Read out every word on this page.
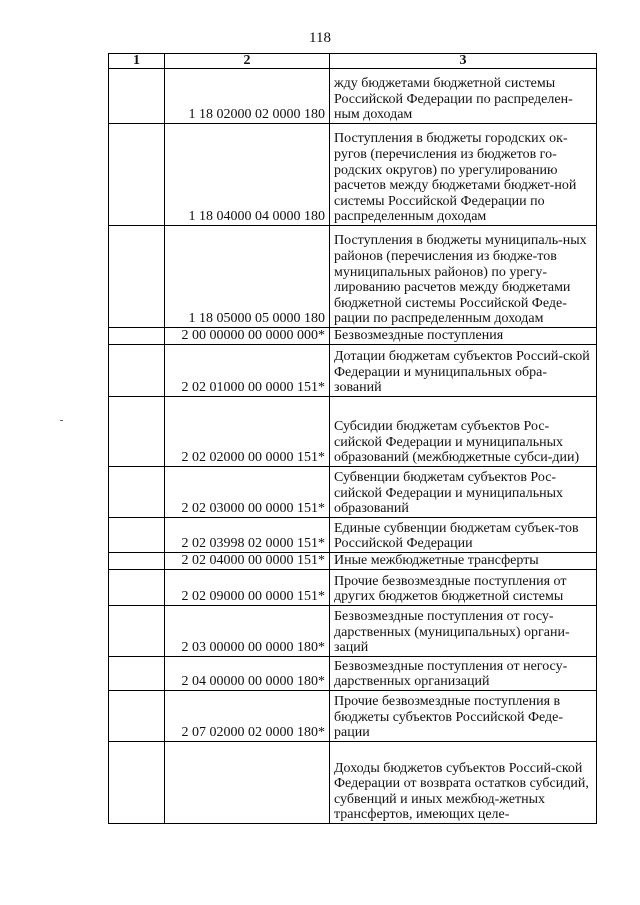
118
1	2	3
	1 18 02000 02 0000 180	жду бюджетами бюджетной системы Российской Федерации по распределен-ным доходам
	1 18 04000 04 0000 180	Поступления в бюджеты городских ок-ругов (перечисления из бюджетов го-родских округов) по урегулированию расчетов между бюджетами бюджет-ной системы Российской Федерации по распределенным доходам
	1 18 05000 05 0000 180	Поступления в бюджеты муниципаль-ных районов (перечисления из бюдже-тов муниципальных районов) по урегу-лированию расчетов между бюджетами бюджетной системы Российской Феде-рации по распределенным доходам
	2 00 00000 00 0000 000*	Безвозмездные поступления
	2 02 01000 00 0000 151*	Дотации бюджетам субъектов Россий-ской Федерации и муниципальных обра-зований
	2 02 02000 00 0000 151*	Субсидии бюджетам субъектов Рос-сийской Федерации и муниципальных образований (межбюджетные субси-дии)
	2 02 03000 00 0000 151*	Субвенции бюджетам субъектов Рос-сийской Федерации и муниципальных образований
	2 02 03998 02 0000 151*	Единые субвенции бюджетам субъек-тов Российской Федерации
	2 02 04000 00 0000 151*	Иные межбюджетные трансферты
	2 02 09000 00 0000 151*	Прочие безвозмездные поступления от других бюджетов бюджетной системы
	2 03 00000 00 0000 180*	Безвозмездные поступления от госу-дарственных (муниципальных) органи-заций
	2 04 00000 00 0000 180*	Безвозмездные поступления от негосу-дарственных организаций
	2 07 02000 02 0000 180*	Прочие безвозмездные поступления в бюджеты субъектов Российской Феде-рации
		Доходы бюджетов субъектов Россий-ской Федерации от возврата остатков субсидий, субвенций и иных межбюд-жетных трансфертов, имеющих целе-
